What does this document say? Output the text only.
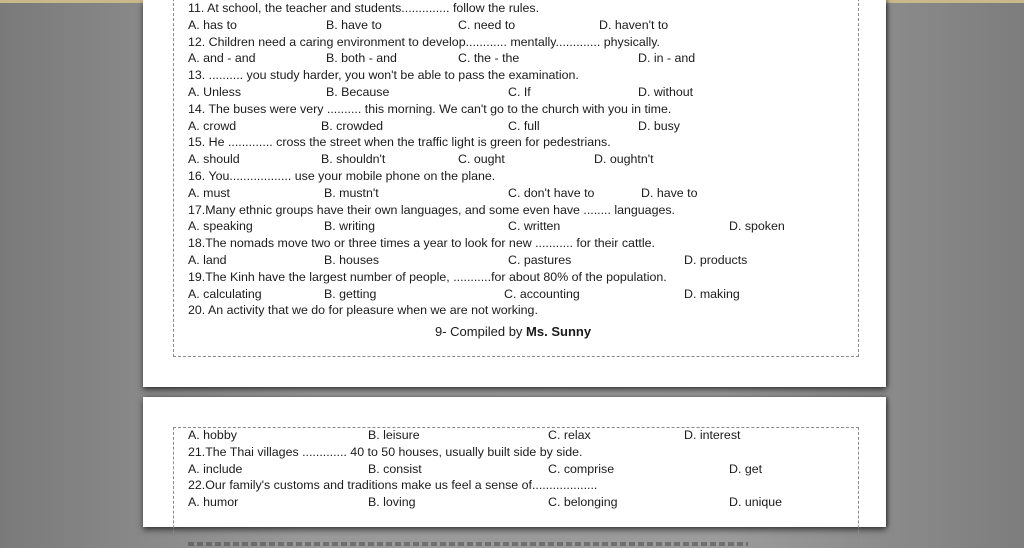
11. At school, the teacher and students.............. follow the rules.
A. has to	B. have to	C. need to	D. haven't to
12. Children need a caring environment to develop............ mentally............. physically.
A. and - and	B. both - and	C. the - the	D. in - and
13. .......... you study harder, you won't be able to pass the examination.
A. Unless	B. Because	C. If	D. without
14. The buses were very .......... this morning. We can't go to the church with you in time.
A. crowd	B. crowded	C. full	D. busy
15. He ............. cross the street when the traffic light is green for pedestrians.
A. should	B. shouldn't	C. ought	D. oughtn't
16. You.................. use your mobile phone on the plane.
A. must	B. mustn't	C. don't have to	D. have to
17.Many ethnic groups have their own languages, and some even have ........ languages.
A. speaking	B. writing	C. written	D. spoken
18.The nomads move two or three times a year to look for new ........... for their cattle.
A. land	B. houses	C. pastures	D. products
19.The Kinh have the largest number of people, ...........for about 80% of the population.
A. calculating	B. getting	C. accounting	D. making
20. An activity that we do for pleasure when we are not working.
9- Compiled by Ms. Sunny
A. hobby	B. leisure	C. relax	D. interest
21.The Thai villages ............. 40 to 50 houses, usually built side by side.
A. include	B. consist	C. comprise	D. get
22.Our family's customs and traditions make us feel a sense of...................
A. humor	B. loving	C. belonging	D. unique
